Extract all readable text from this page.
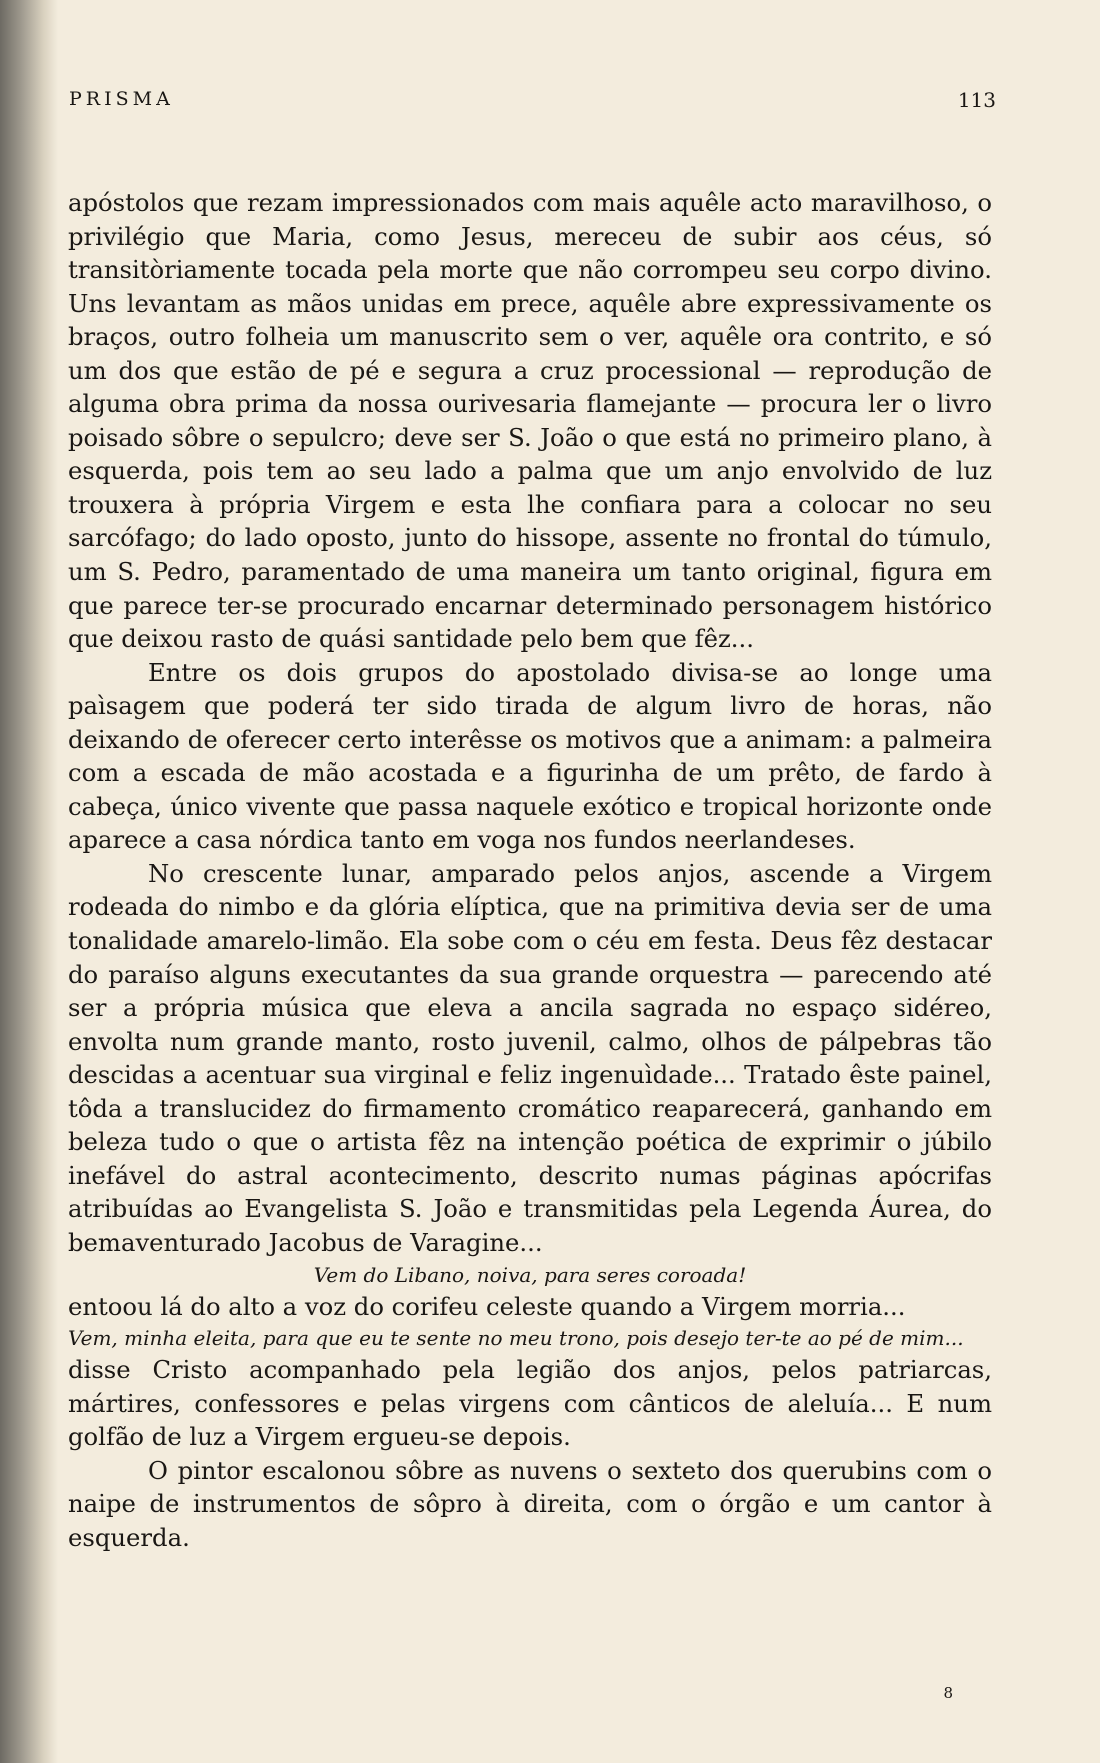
PRISMA	113

apóstolos que rezam impressionados com mais aquêle acto maravilhoso, o privilégio que Maria, como Jesus, mereceu de subir aos céus, só transitòriamente tocada pela morte que não corrompeu seu corpo divino. Uns levantam as mãos unidas em prece, aquêle abre expressivamente os braços, outro folheia um manuscrito sem o ver, aquêle ora contrito, e só um dos que estão de pé e segura a cruz processional — reprodução de alguma obra prima da nossa ourivesaria flamejante — procura ler o livro poisado sôbre o sepulcro; deve ser S. João o que está no primeiro plano, à esquerda, pois tem ao seu lado a palma que um anjo envolvido de luz trouxera à própria Virgem e esta lhe confiara para a colocar no seu sarcófago; do lado oposto, junto do hissope, assente no frontal do túmulo, um S. Pedro, paramentado de uma maneira um tanto original, figura em que parece ter-se procurado encarnar determinado personagem histórico que deixou rasto de quási santidade pelo bem que fêz...

Entre os dois grupos do apostolado divisa-se ao longe uma paìsagem que poderá ter sido tirada de algum livro de horas, não deixando de oferecer certo interêsse os motivos que a animam: a palmeira com a escada de mão acostada e a figurinha de um prêto, de fardo à cabeça, único vivente que passa naquele exótico e tropical horizonte onde aparece a casa nórdica tanto em voga nos fundos neerlandeses.

No crescente lunar, amparado pelos anjos, ascende a Virgem rodeada do nimbo e da glória elíptica, que na primitiva devia ser de uma tonalidade amarelo-limão. Ela sobe com o céu em festa. Deus fêz destacar do paraíso alguns executantes da sua grande orquestra — parecendo até ser a própria música que eleva a ancila sagrada no espaço sidéreo, envolta num grande manto, rosto juvenil, calmo, olhos de pálpebras tão descidas a acentuar sua virginal e feliz ingenuìdade... Tratado êste painel, tôda a translucidez do firmamento cromático reaparecerá, ganhando em beleza tudo o que o artista fêz na intenção poética de exprimir o júbilo inefável do astral acontecimento, descrito numas páginas apócrifas atribuídas ao Evangelista S. João e transmitidas pela Legenda Áurea, do bemaventurado Jacobus de Varagine...

Vem do Libano, noiva, para seres coroada!

entoou lá do alto a voz do corifeu celeste quando a Virgem morria...

Vem, minha eleita, para que eu te sente no meu trono, pois desejo ter-te ao pé de mim...

disse Cristo acompanhado pela legião dos anjos, pelos patriarcas, mártires, confessores e pelas virgens com cânticos de aleluía... E num golfão de luz a Virgem ergueu-se depois.

O pintor escalonou sôbre as nuvens o sexteto dos querubins com o naipe de instrumentos de sôpro à direita, com o órgão e um cantor à esquerda.

8
